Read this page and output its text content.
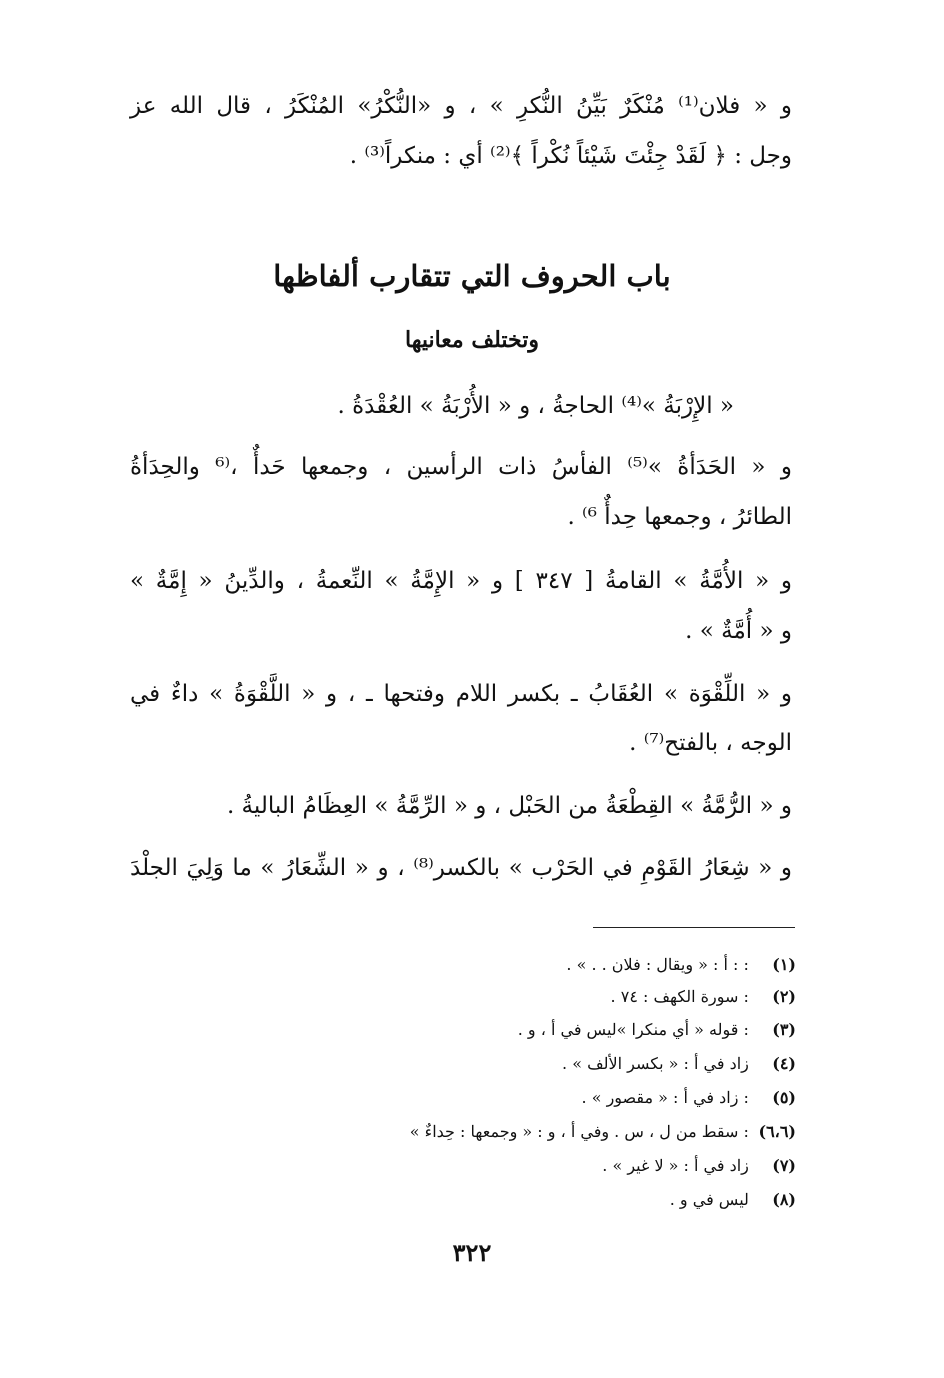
و « فلان⁽¹⁾ مُنْكَرٌ بَيِّنُ النُّكرِ » ، و «النُّكْرُ» المُنْكَرُ ، قال الله عز
وجل : ﴿ لَقَدْ جِئْتَ شَيْئاً نُكْراً ﴾⁽²⁾ أي : منكراً⁽³⁾ .
باب الحروف التي تتقارب ألفاظها
وتختلف معانيها
« الإِرْبَةُ »⁽⁴⁾ الحاجةُ ، و « الأُرْبَةُ » العُقْدَةُ .
و « الحَدَأةُ »⁽⁵⁾ الفأسُ ذات الرأسين ، وجمعها حَدأٌ ،⁽⁶ والحِدَأةُ
الطائرُ ، وجمعها حِدأٌ ⁶⁾ .
و « الأُمَّةُ » القامةُ [ ٣٤٧ ] و « الإِمَّةُ » النِّعمةُ ، والدِّينُ « إِمَّةٌ »
و « أُمَّةٌ » .
و « اللِّقْوَة » العُقَابُ ـ بكسر اللام وفتحها ـ ، و « اللَّقْوَةُ » داءٌ في
الوجه ، بالفتح⁽⁷⁾ .
و « الرُّمَّةُ » القِطْعَةُ من الحَبْل ، و « الرِّمَّةُ » العِظَامُ الباليةُ .
و « شِعَارُ القَوْمِ في الحَرْب » بالكسر⁽⁸⁾ ، و « الشِّعَارُ » ما وَلِيَ الجلْدَ
(١) : : أ : « ويقال : فلان . . » .
(٢) : سورة الكهف : ٧٤ .
(٣) : قوله « أي منكرا »ليس في أ ، و .
(٤) زاد في أ : « بكسر الألف » .
(٥) : زاد في أ : « مقصور » .
(٦،٦) : سقط من ل ، س . وفي أ ، و : « وجمعها : حِداءٌ »
(٧) زاد في أ : « لا غير » .
(٨) ليس في و .
٣٢٢
